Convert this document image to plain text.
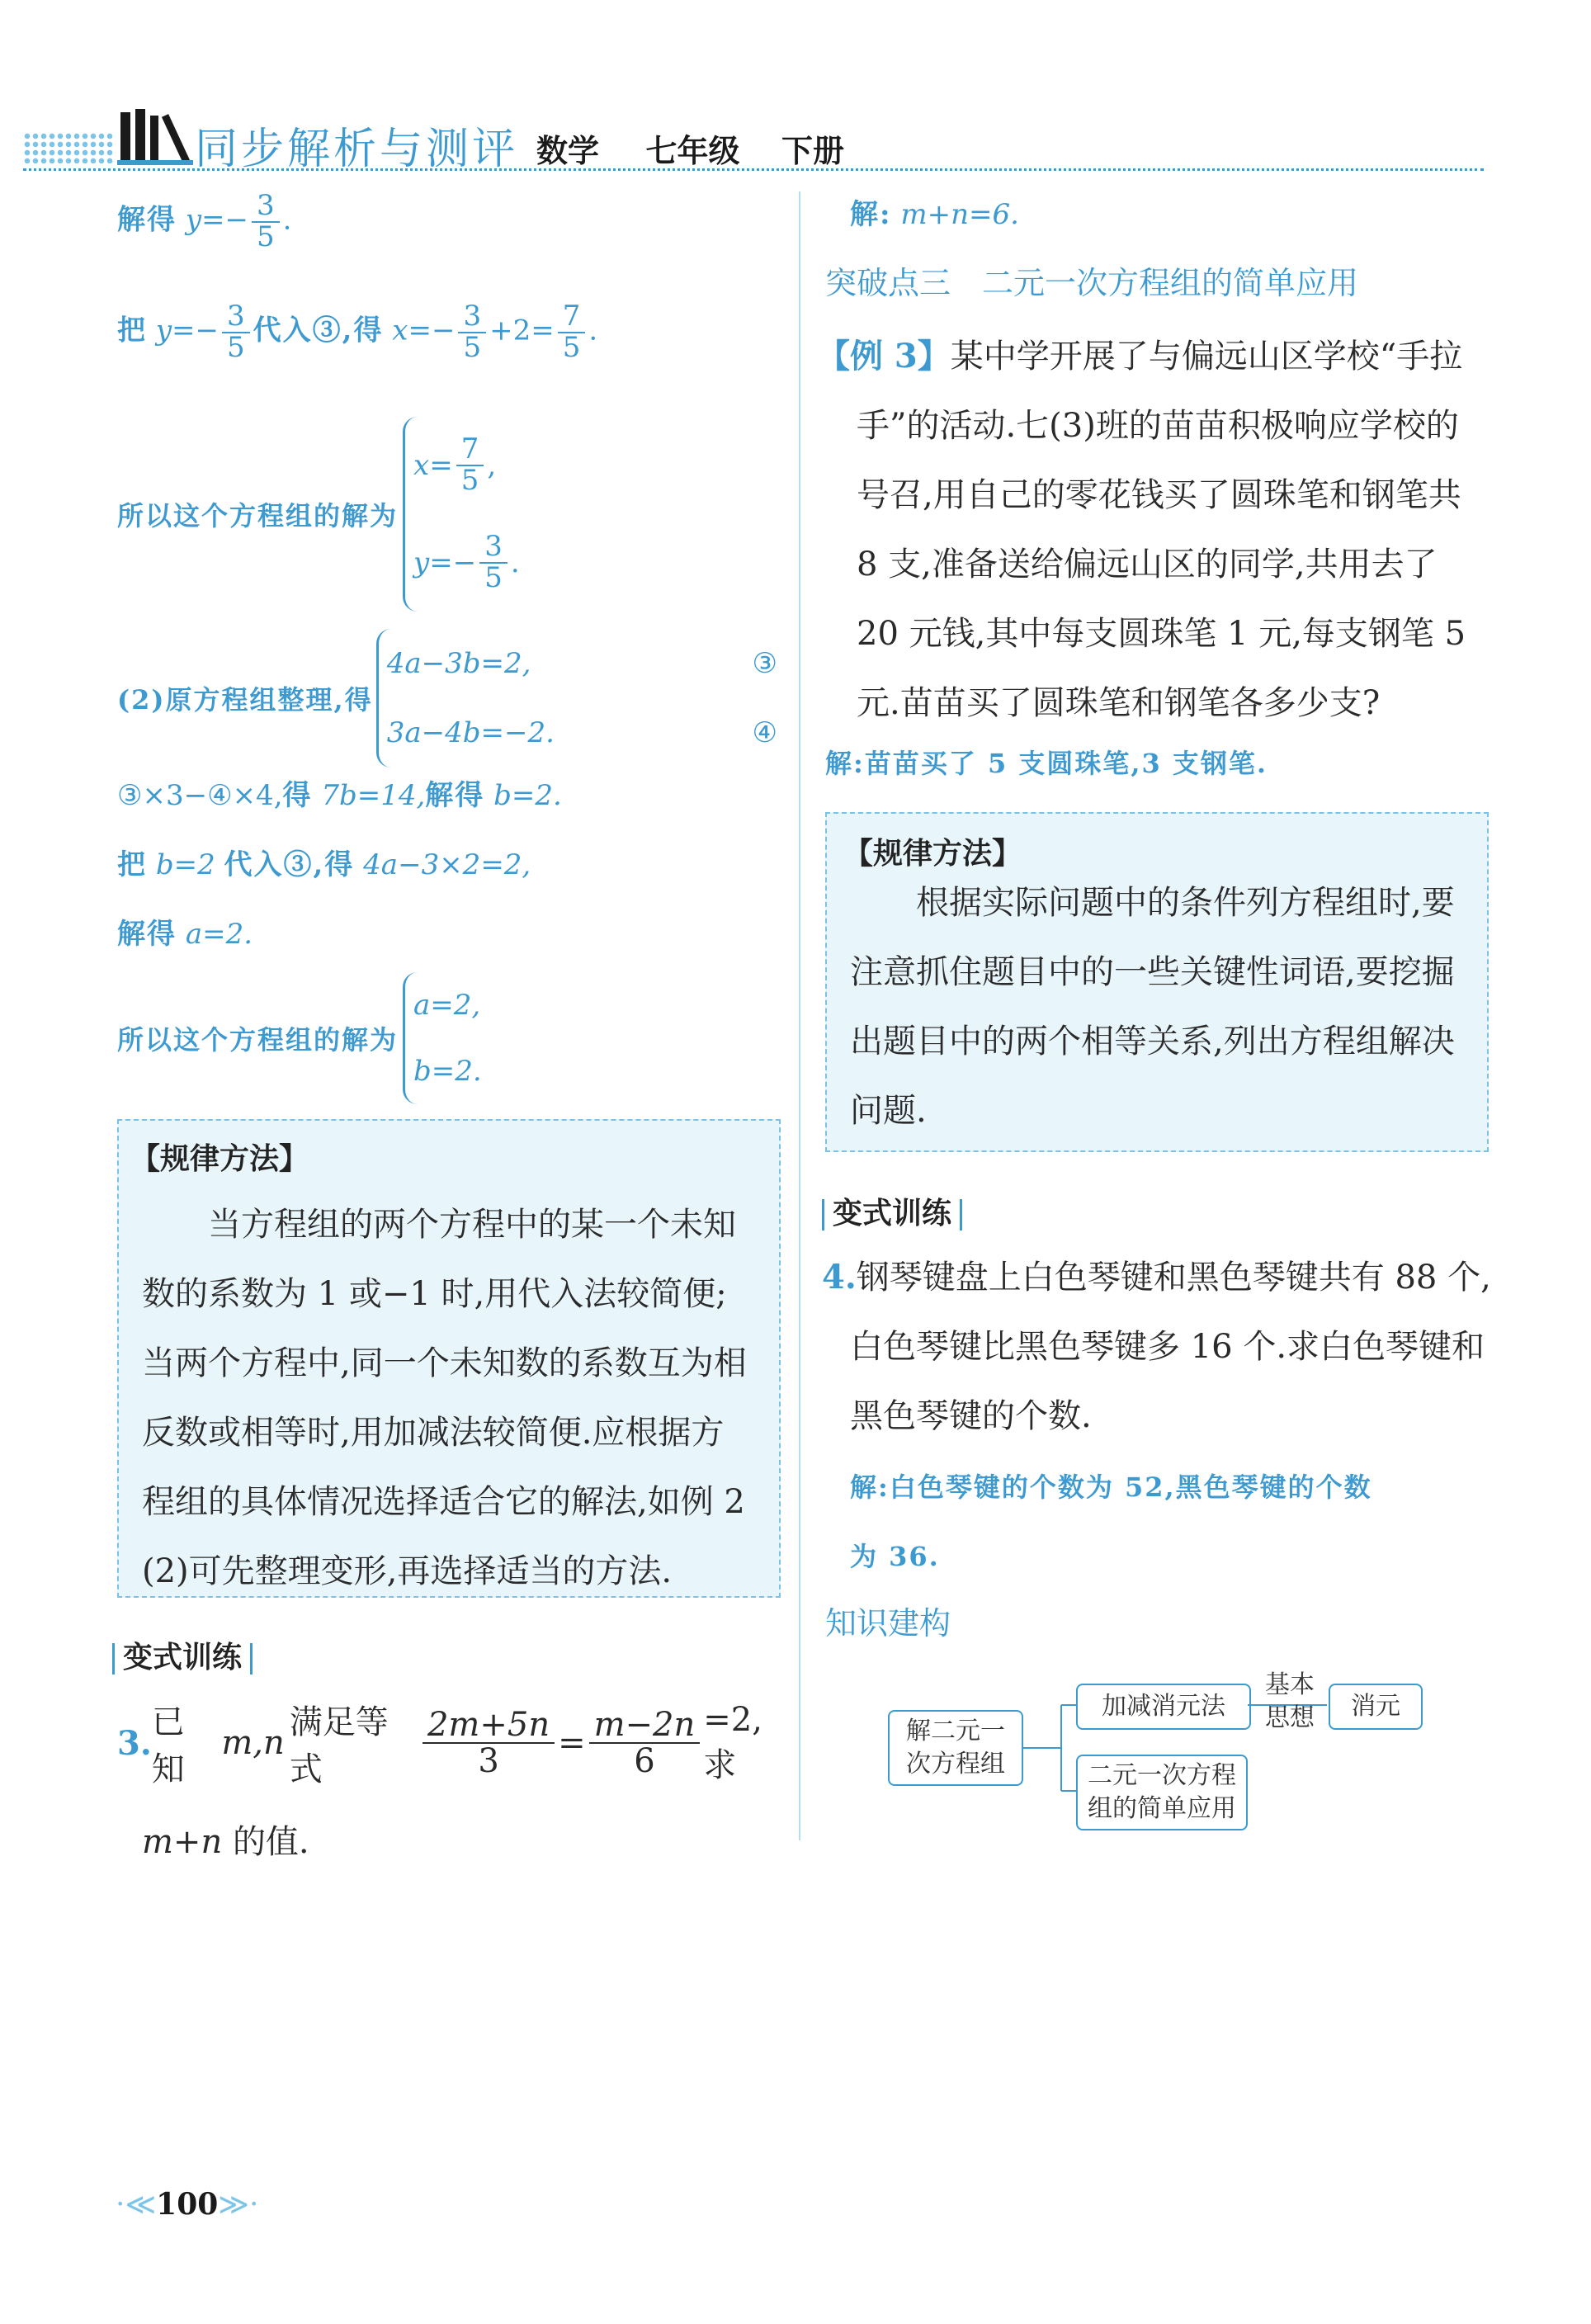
同步解析与测评 数学 七年级 下册
解得 $y=- \frac{3}{5}$ .
把 $y=- \frac{3}{5}$ 代入③,得 $x=- \frac{3}{5} +2= \frac{7}{5}$ .
所以这个方程组的解为
$x= \frac{7}{5}$ ,
$y=- \frac{3}{5}$ .
(2)原方程组整理,得
4a−3b=2,	③
3a−4b=−2.	④
③×3−④×4,得 7b=14,解得 b=2.
把 b=2 代入③,得 4a−3×2=2,
解得 a=2.
所以这个方程组的解为
a=2,
b=2.
【规律方法】
当方程组的两个方程中的某一个未知
数的系数为 1 或−1 时,用代入法较简便;
当两个方程中,同一个未知数的系数互为相
反数或相等时,用加减法较简便.应根据方
程组的具体情况选择适合它的解法,如例 2
(2)可先整理变形,再选择适当的方法.
变式训练
3.
已知
m,n
满足等式	$\frac{2m+5n}{3} = \frac{m-2n}{6} =2$,求
m+n 的值.
解: m+n=6.
突破点三　二元一次方程组的简单应用
【例 3】某中学开展了与偏远山区学校“手拉
手”的活动.七(3)班的苗苗积极响应学校的
号召,用自己的零花钱买了圆珠笔和钢笔共
8 支,准备送给偏远山区的同学,共用去了
20 元钱,其中每支圆珠笔 1 元,每支钢笔 5
元.苗苗买了圆珠笔和钢笔各多少支?
解:苗苗买了 5 支圆珠笔,3 支钢笔.
【规律方法】
根据实际问题中的条件列方程组时,要
注意抓住题目中的一些关键性词语,要挖掘
出题目中的两个相等关系,列出方程组解决
问题.
变式训练
4.钢琴键盘上白色琴键和黑色琴键共有 88 个,
白色琴键比黑色琴键多 16 个.求白色琴键和
黑色琴键的个数.
解:白色琴键的个数为 52,黑色琴键的个数
为 36.
知识建构
解二元一次方程组
加减消元法
二元一次方程组的简单应用
基本思想	消元
·≪100≫·
